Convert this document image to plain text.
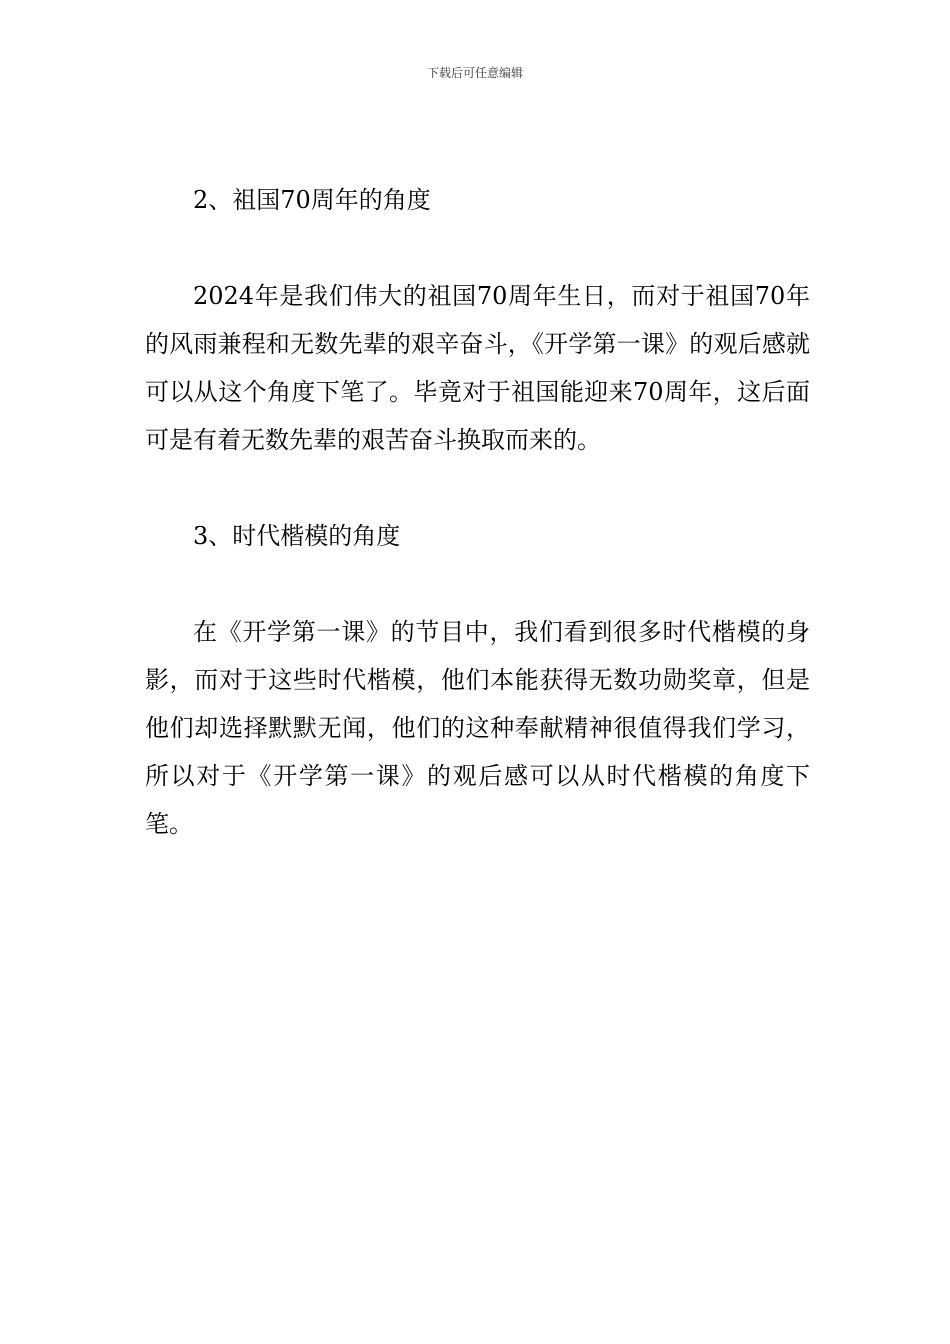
下载后可任意编辑

2、祖国70周年的角度

2024年是我们伟大的祖国70周年生日，而对于祖国70年的风雨兼程和无数先辈的艰辛奋斗，《开学第一课》的观后感就可以从这个角度下笔了。毕竟对于祖国能迎来70周年，这后面可是有着无数先辈的艰苦奋斗换取而来的。

3、时代楷模的角度

在《开学第一课》的节目中，我们看到很多时代楷模的身影，而对于这些时代楷模，他们本能获得无数功勋奖章，但是他们却选择默默无闻，他们的这种奉献精神很值得我们学习，所以对于《开学第一课》的观后感可以从时代楷模的角度下笔。
